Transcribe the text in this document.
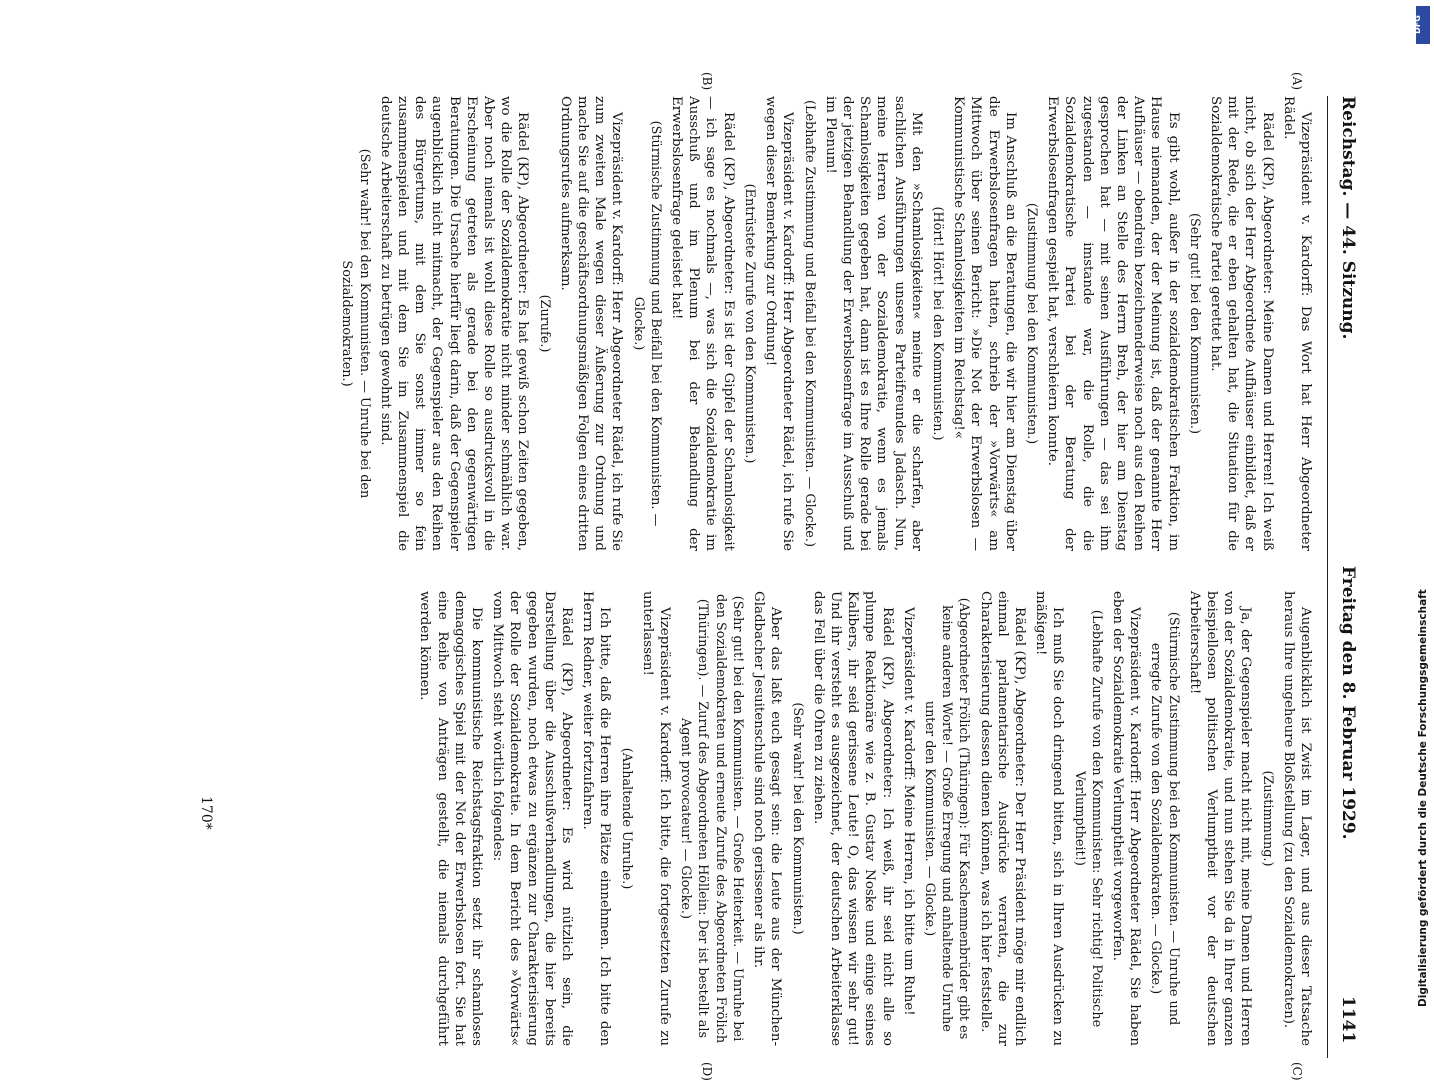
Reichstag. — 44. Sitzung.
Freitag den 8. Februar 1929.
1141

Vizepräsident v. Kardorff: Das Wort hat Herr Abgeordneter Rädel.

Rädel (KP), Abgeordneter: Meine Damen und Herren! Ich weiß nicht, ob sich der Herr Abgeordnete Aufhäuser einbildet, daß er mit der Rede, die er eben gehalten hat, die Situation für die Sozialdemokratische Partei gerettet hat.

(Sehr gut! bei den Kommunisten.)

Es gibt wohl, außer in der sozialdemokratischen Fraktion, im Hause niemanden, der der Meinung ist, daß der genannte Herr Aufhäuser — obendrein bezeichnenderweise noch aus den Reihen der Linken an Stelle des Herrn Breh, der hier am Dienstag gesprochen hat — mit seinen Ausführungen — das sei ihm zugestanden — imstande war, die Rolle, die die Sozialdemokratische Partei bei der Beratung der Erwerbslosenfragen gespielt hat, verschleiern konnte.

(Zustimmung bei den Kommunisten.)

Im Anschluß an die Beratungen, die wir hier am Dienstag über die Erwerbslosenfragen hatten, schrieb der »Vorwärts« am Mittwoch über seinen Bericht: »Die Not der Erwerbslosen — Kommunistische Schamlosigkeiten im Reichstag!«

(Hört! Hört! bei den Kommunisten.)

Mit den »Schamlosigkeiten« meinte er die scharfen, aber sachlichen Ausführungen unseres Parteifreundes Jadasch. Nun, meine Herren von der Sozialdemokratie, wenn es jemals Schamlosigkeiten gegeben hat, dann ist es Ihre Rolle gerade bei der jetzigen Behandlung der Erwerbslosenfrage im Ausschuß und im Plenum!

(Lebhafte Zustimmung und Beifall bei den Kommunisten. — Glocke.)

Vizepräsident v. Kardorff: Herr Abgeordneter Rädel, ich rufe Sie wegen dieser Bemerkung zur Ordnung!

(Entrüstete Zurufe von den Kommunisten.)

Rädel (KP), Abgeordneter: Es ist der Gipfel der Schamlosigkeit — ich sage es nochmals —, was sich die Sozialdemokratie im Ausschuß und im Plenum bei der Behandlung der Erwerbslosenfrage geleistet hat!

(Stürmische Zustimmung und Beifall bei den Kommunisten. — Glocke.)

Vizepräsident v. Kardorff: Herr Abgeordneter Rädel, ich rufe Sie zum zweiten Male wegen dieser Äußerung zur Ordnung und mache Sie auf die geschäftsordnungsmäßigen Folgen eines dritten Ordnungsrufes aufmerksam.

(Zurufe.)

Rädel (KP), Abgeordneter: Es hat gewiß schon Zeiten gegeben, wo die Rolle der Sozialdemokratie nicht minder schmählich war. Aber noch niemals ist wohl diese Rolle so ausdrucksvoll in die Erscheinung getreten als gerade bei den gegenwärtigen Beratungen. Die Ursache hierfür liegt darin, daß der Gegenspieler augenblicklich nicht mitmacht, der Gegenspieler aus den Reihen des Bürgertums, mit dem Sie sonst immer so fein zusammenspielen und mit dem Sie im Zusammenspiel die deutsche Arbeiterschaft zu betrügen gewohnt sind.

(Sehr wahr! bei den Kommunisten. — Unruhe bei den Sozialdemokraten.)

Augenblicklich ist Zwist im Lager, und aus dieser Tatsache heraus Ihre ungeheure Bloßstellung (zu den Sozialdemokraten).

(Zustimmung.)

Ja, der Gegenspieler macht nicht mit, meine Damen und Herren von der Sozialdemokratie, und nun stehen Sie da in Ihrer ganzen beispiellosen politischen Verlumptheit vor der deutschen Arbeiterschaft!

(Stürmische Zustimmung bei den Kommunisten. — Unruhe und erregte Zurufe von den Sozialdemokraten. — Glocke.)

Vizepräsident v. Kardorff: Herr Abgeordneter Rädel, Sie haben eben der Sozialdemokratie Verlumptheit vorgeworfen.

(Lebhafte Zurufe von den Kommunisten: Sehr richtig! Politische Verlumptheit!)

Ich muß Sie doch dringend bitten, sich in Ihren Ausdrücken zu mäßigen!

Rädel (KP), Abgeordneter: Der Herr Präsident möge mir endlich einmal parlamentarische Ausdrücke verraten, die zur Charakterisierung dessen dienen können, was ich hier feststelle.

(Abgeordneter Frölich (Thüringen): Für Kaschemmenbrüder gibt es keine anderen Worte! — Große Erregung und anhaltende Unruhe unter den Kommunisten. — Glocke.)

Vizepräsident v. Kardorff: Meine Herren, ich bitte um Ruhe!

Rädel (KP), Abgeordneter: Ich weiß, ihr seid nicht alle so plumpe Reaktionäre wie z. B. Gustav Noske und einige seines Kalibers, ihr seid gerissene Leute! O, das wissen wir sehr gut! Und ihr versteht es ausgezeichnet, der deutschen Arbeiterklasse das Fell über die Ohren zu ziehen.

(Sehr wahr! bei den Kommunisten.)

Aber das laßt euch gesagt sein: die Leute aus der München-Gladbacher Jesuitenschule sind noch gerissener als ihr.

(Sehr gut! bei den Kommunisten. — Große Heiterkeit. — Unruhe bei den Sozialdemokraten und erneute Zurufe des Abgeordneten Frölich (Thüringen). — Zuruf des Abgeordneten Höllein: Der ist bestellt als Agent provocateur! — Glocke.)

Vizepräsident v. Kardorff: Ich bitte, die fortgesetzten Zurufe zu unterlassen!

(Anhaltende Unruhe.)

Ich bitte, daß die Herren ihre Plätze einnehmen. Ich bitte den Herrn Redner, weiter fortzufahren.

Rädel (KP), Abgeordneter: Es wird nützlich sein, die Darstellung über die Ausschußverhandlungen, die hier bereits gegeben wurden, noch etwas zu ergänzen zur Charakterisierung der Rolle der Sozialdemokratie. In dem Bericht des »Vorwärts« vom Mittwoch steht wörtlich folgendes:

Die kommunistische Reichstagsfraktion setzt ihr schamloses demagogisches Spiel mit der Not der Erwerbslosen fort. Sie hat eine Reihe von Anträgen gestellt, die niemals durchgeführt werden können.

(A)
(B)
(C)
(D)
170*
DFG
Digitalisierung gefördert durch die Deutsche Forschungsgemeinschaft
